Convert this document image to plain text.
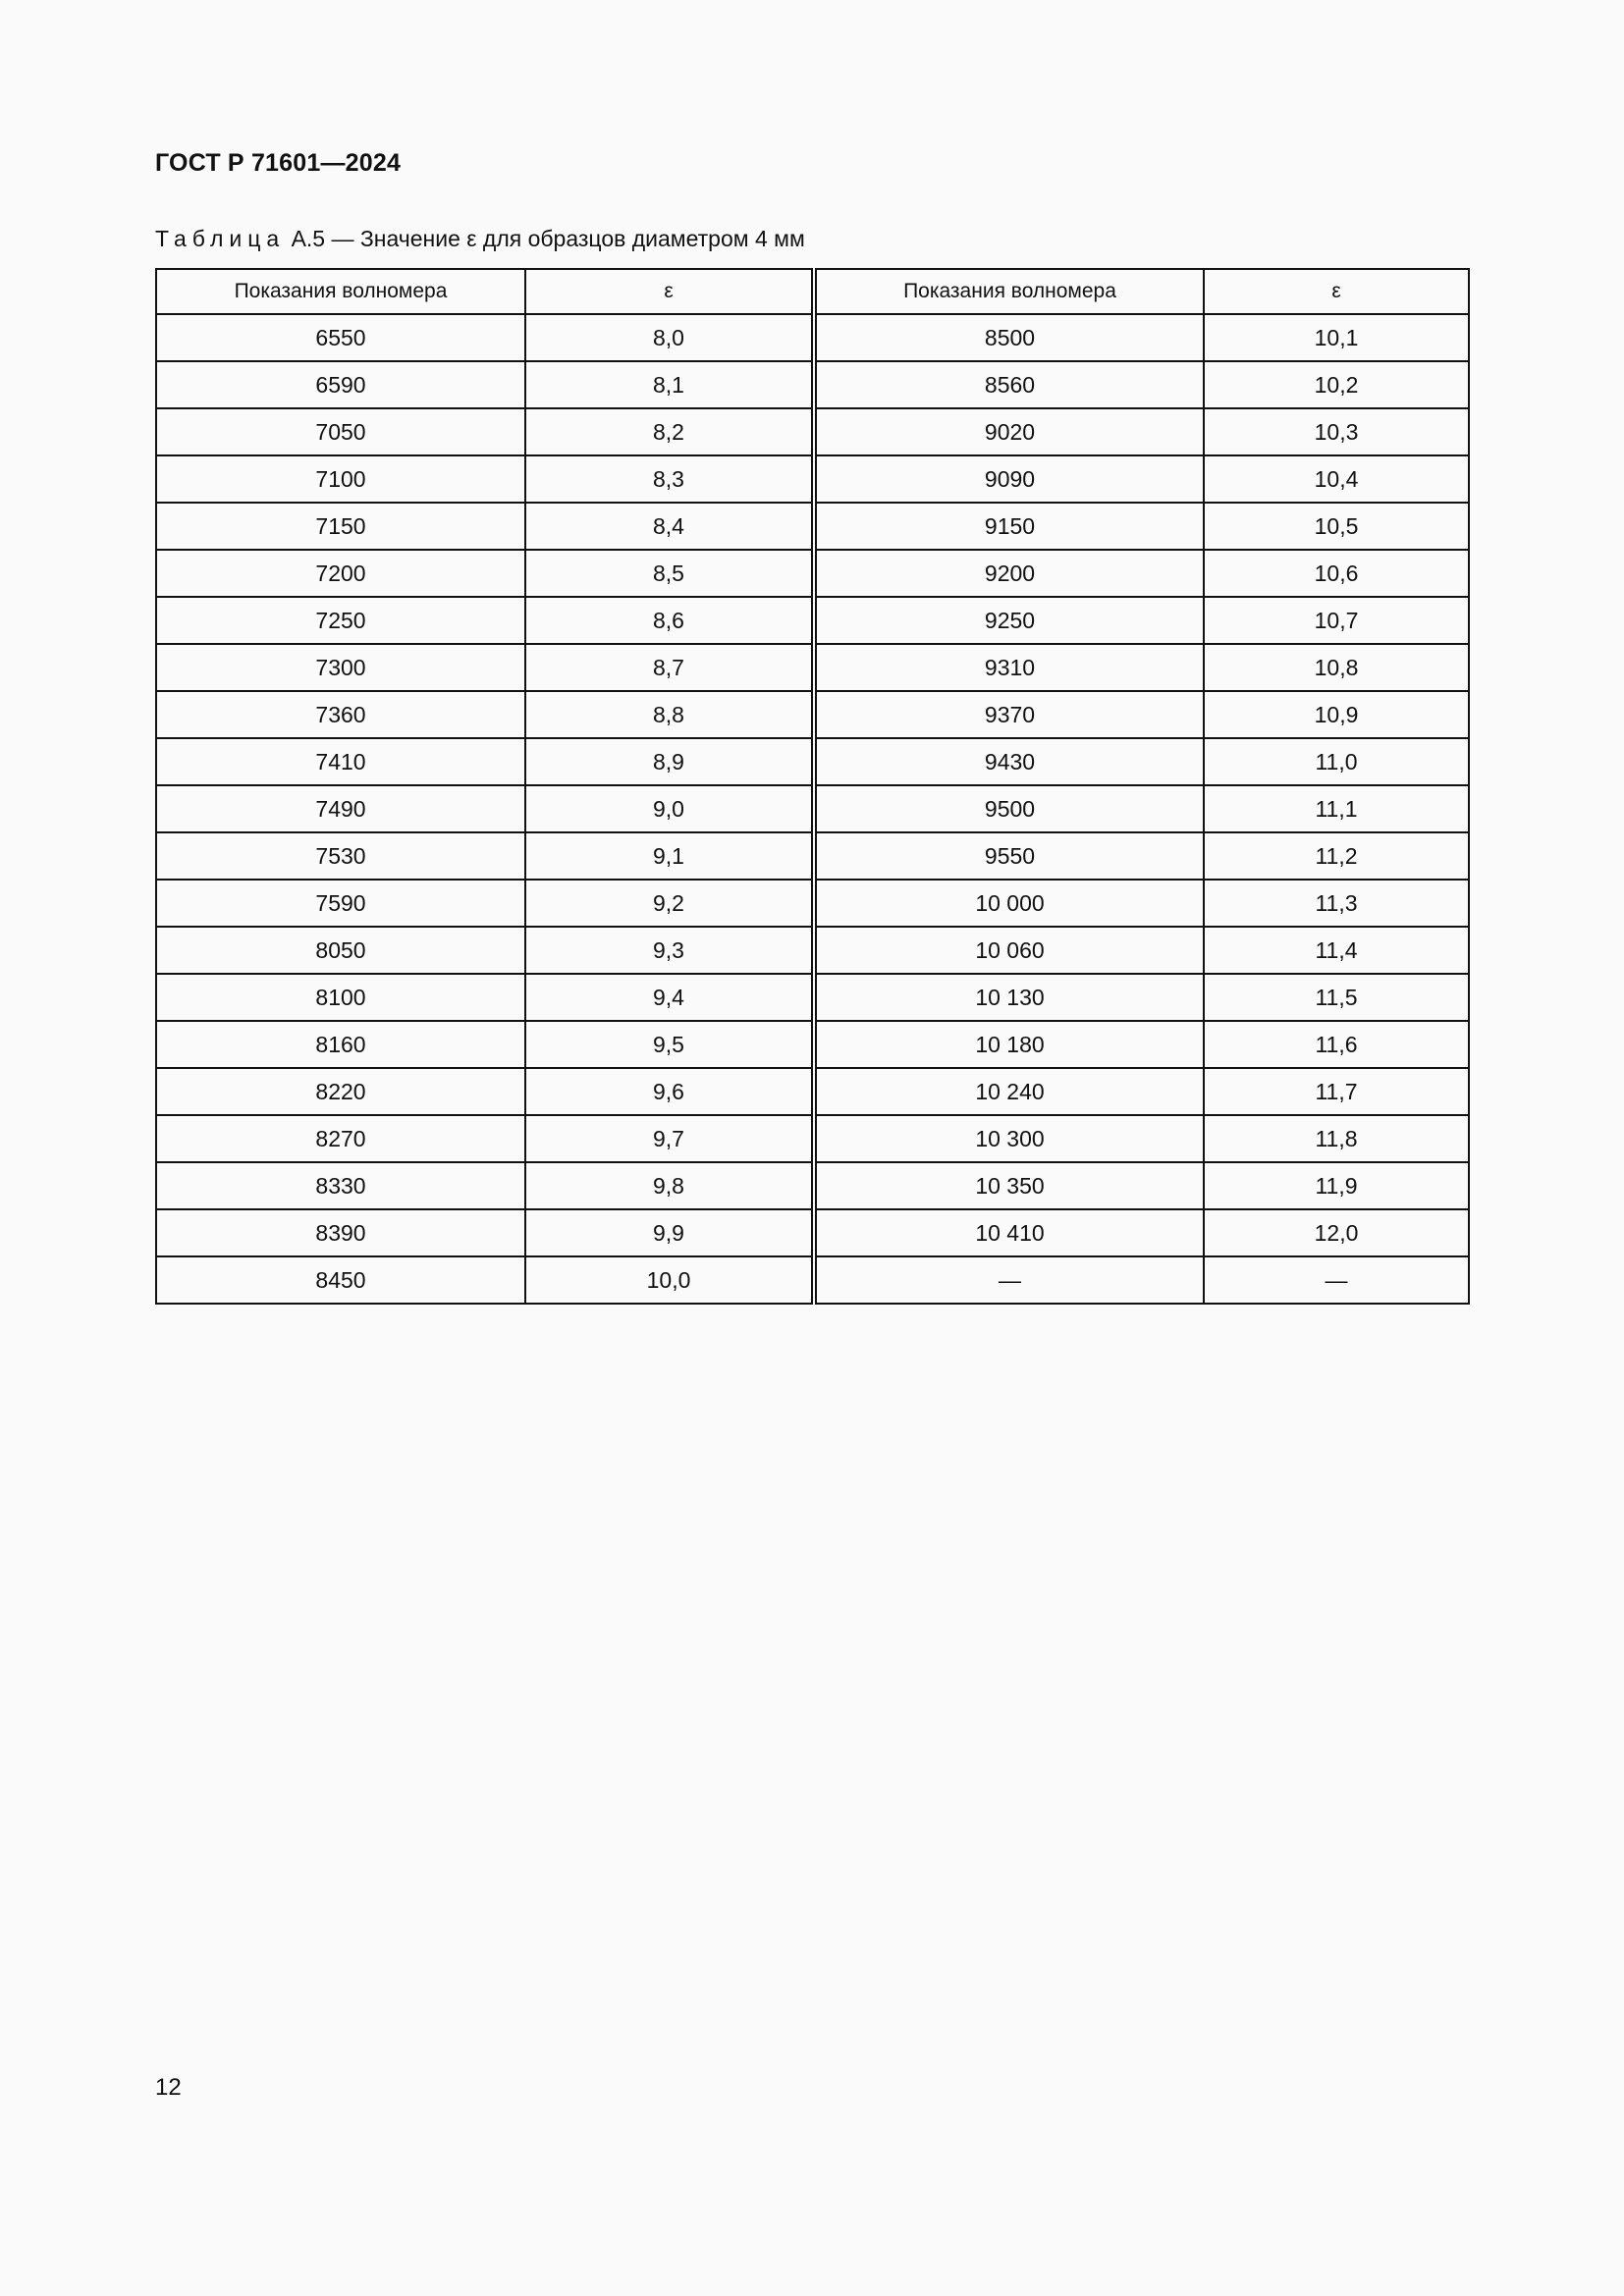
ГОСТ Р 71601—2024
Таблица А.5 — Значение ε для образцов диаметром 4 мм
Показания волномера	ε	Показания волномера	ε
6550	8,0	8500	10,1
6590	8,1	8560	10,2
7050	8,2	9020	10,3
7100	8,3	9090	10,4
7150	8,4	9150	10,5
7200	8,5	9200	10,6
7250	8,6	9250	10,7
7300	8,7	9310	10,8
7360	8,8	9370	10,9
7410	8,9	9430	11,0
7490	9,0	9500	11,1
7530	9,1	9550	11,2
7590	9,2	10 000	11,3
8050	9,3	10 060	11,4
8100	9,4	10 130	11,5
8160	9,5	10 180	11,6
8220	9,6	10 240	11,7
8270	9,7	10 300	11,8
8330	9,8	10 350	11,9
8390	9,9	10 410	12,0
8450	10,0	—	—
12
